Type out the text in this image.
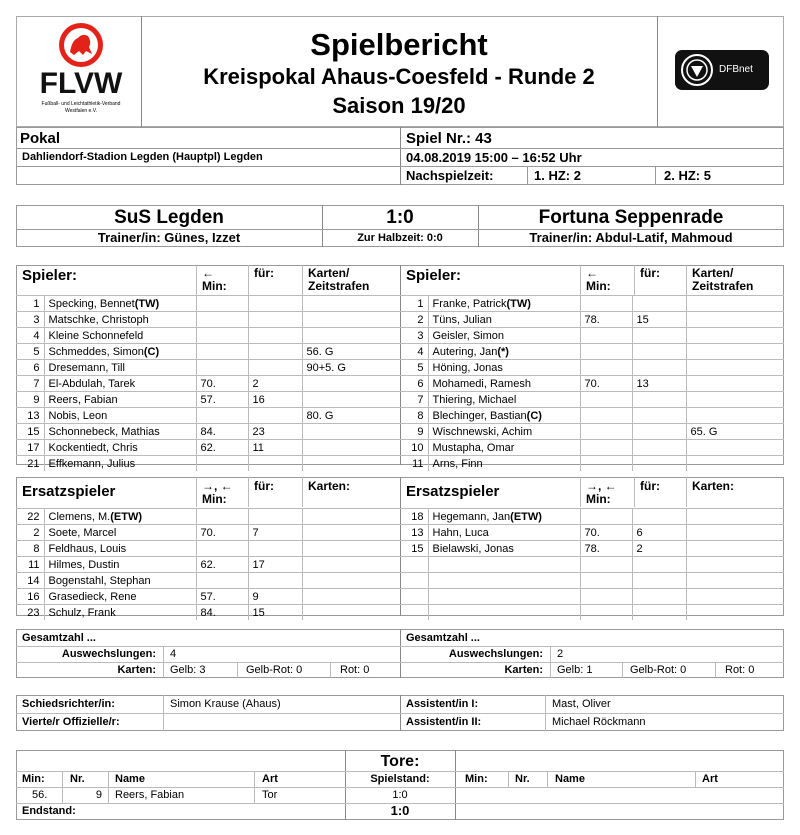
FLVW
Fußball- und Leichtathletik-Verband
Westfalen e.V.
Spielbericht
Kreispokal Ahaus-Coesfeld - Runde 2
Saison 19/20
DFBnet
Pokal
Dahliendorf-Stadion Legden (Hauptpl) Legden
Spiel Nr.: 43
04.08.2019 15:00 – 16:52 Uhr
Nachspielzeit:	1. HZ: 2	2. HZ: 5
SuS Legden	1:0	Fortuna Seppenrade
Trainer/in: Günes, Izzet	Zur Halbzeit: 0:0	Trainer/in: Abdul-Latif, Mahmoud
Spieler:	←
Min:
für:	Karten/
Zeitstrafen
Spieler:	←
Min:
für:	Karten/
Zeitstrafen
1	Specking, Bennet(TW)			
3	Matschke, Christoph			
4	Kleine Schonnefeld			
5	Schmeddes, Simon(C)			56. G
6	Dresemann, Till			90+5. G
7	El-Abdulah, Tarek	70.	2	
9	Reers, Fabian	57.	16	
13	Nobis, Leon			80. G
15	Schonnebeck, Mathias	84.	23	
17	Kockentiedt, Chris	62.	11	
21	Effkemann, Julius			
1	Franke, Patrick(TW)			
2	Tüns, Julian	78.	15	
3	Geisler, Simon			
4	Autering, Jan(*)			
5	Höning, Jonas			
6	Mohamedi, Ramesh	70.	13	
7	Thiering, Michael			
8	Blechinger, Bastian(C)			
9	Wischnewski, Achim			65. G
10	Mustapha, Omar			
11	Arns, Finn			
Ersatzspieler	→, ←
Min:
für:	Karten:	Ersatzspieler	→, ←
Min:
für:	Karten:
22	Clemens, M.(ETW)			
2	Soete, Marcel	70.	7	
8	Feldhaus, Louis			
11	Hilmes, Dustin	62.	17	
14	Bogenstahl, Stephan			
16	Grasedieck, Rene	57.	9	
23	Schulz, Frank	84.	15	
18	Hegemann, Jan(ETW)			
13	Hahn, Luca	70.	6	
15	Bielawski, Jonas	78.	2	

Gesamtzahl ...
Auswechslungen: 4
Karten: Gelb: 3	Gelb-Rot: 0	Rot: 0
Gesamtzahl ...
Auswechslungen: 2
Karten: Gelb: 1	Gelb-Rot: 0	Rot: 0
Schiedsrichter/in:	Simon Krause (Ahaus)
Vierte/r Offizielle/r:
Assistent/in I:	Mast, Oliver
Assistent/in II:	Michael Röckmann
Tore:
Min: Nr.	Name	Art	Spielstand:	Min: Nr. Name	Art
56.	9 Reers, Fabian	Tor	1:0
Endstand:	1:0
